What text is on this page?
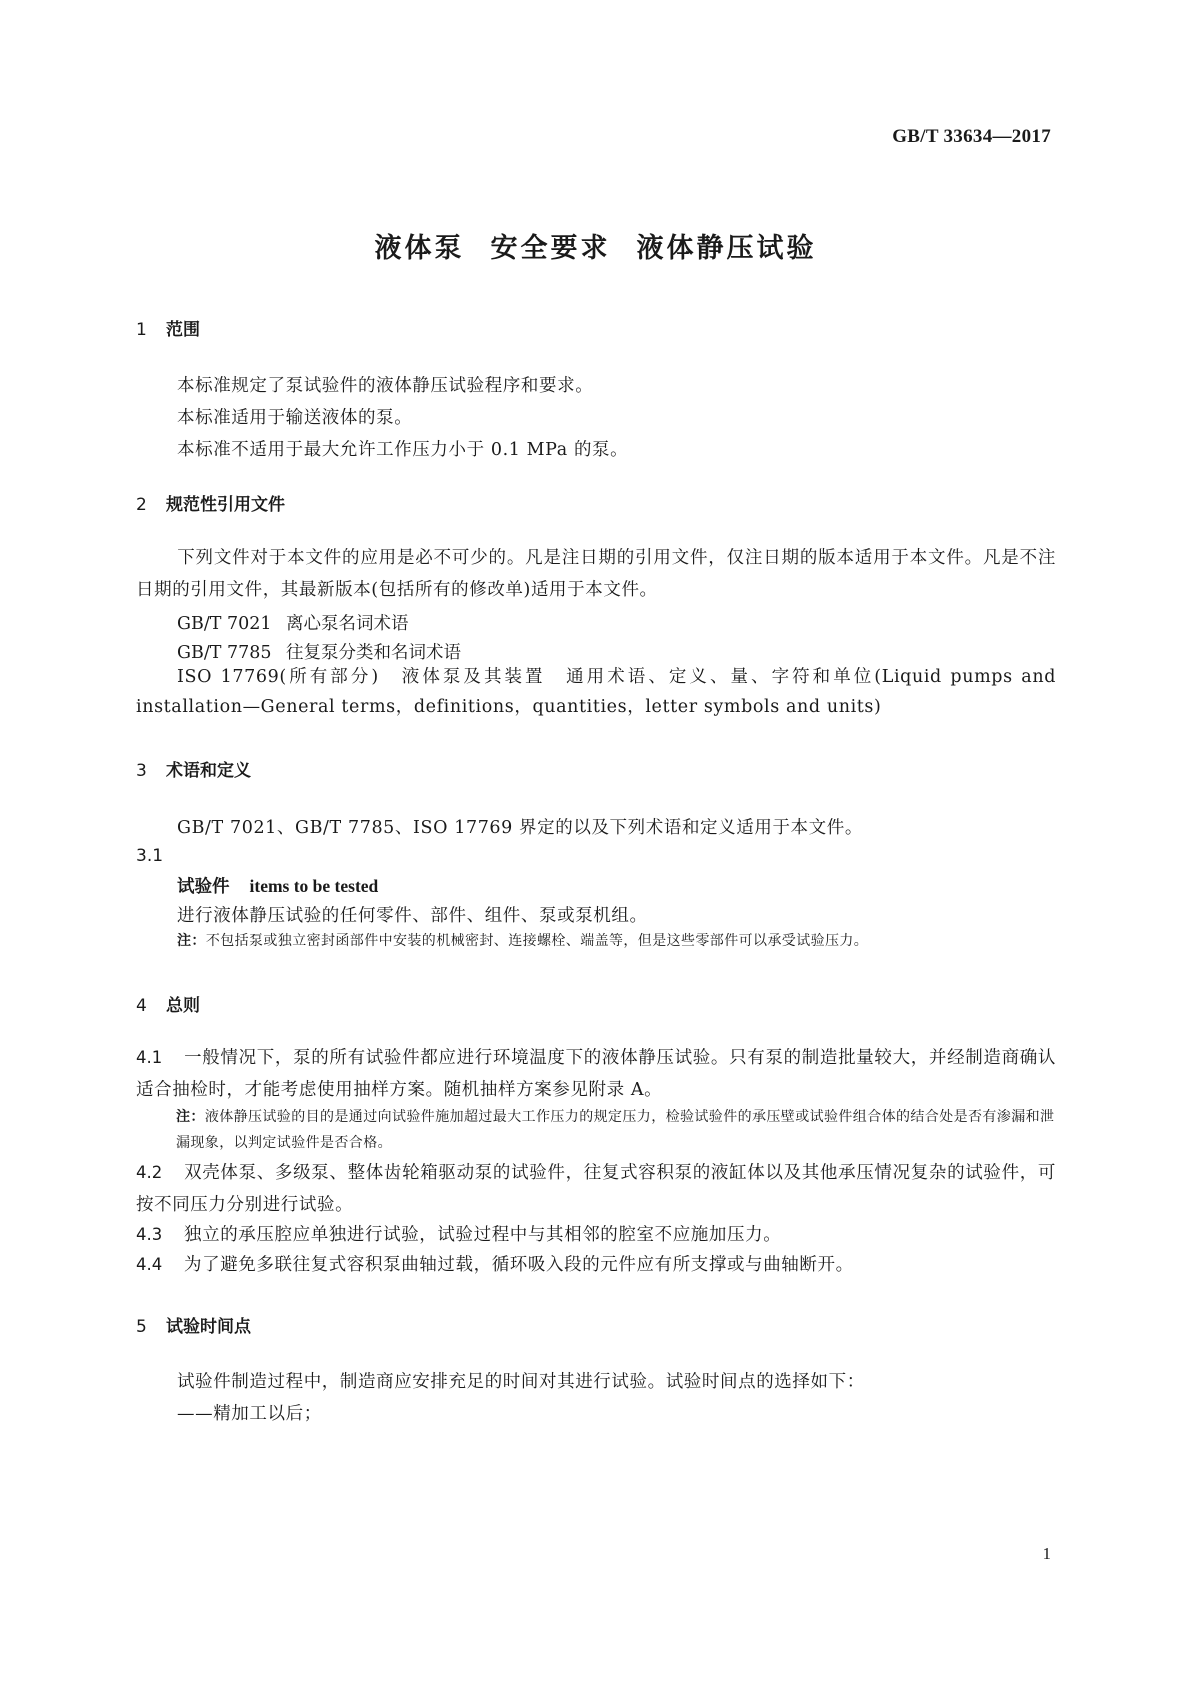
GB/T 33634—2017
液体泵 安全要求 液体静压试验
1 范围
本标准规定了泵试验件的液体静压试验程序和要求。
本标准适用于输送液体的泵。
本标准不适用于最大允许工作压力小于 0.1 MPa 的泵。
2 规范性引用文件
下列文件对于本文件的应用是必不可少的。凡是注日期的引用文件，仅注日期的版本适用于本文件。凡是不注日期的引用文件，其最新版本(包括所有的修改单)适用于本文件。
GB/T 7021 离心泵名词术语
GB/T 7785 往复泵分类和名词术语
ISO 17769(所有部分)　液体泵及其装置　通用术语、定义、量、字符和单位(Liquid pumps and installation—General terms，definitions，quantities，letter symbols and units)
3 术语和定义
GB/T 7021、GB/T 7785、ISO 17769 界定的以及下列术语和定义适用于本文件。
3.1
试验件 items to be tested
进行液体静压试验的任何零件、部件、组件、泵或泵机组。
注：不包括泵或独立密封函部件中安装的机械密封、连接螺栓、端盖等，但是这些零部件可以承受试验压力。
4 总则
4.1 一般情况下，泵的所有试验件都应进行环境温度下的液体静压试验。只有泵的制造批量较大，并经制造商确认适合抽检时，才能考虑使用抽样方案。随机抽样方案参见附录 A。
注：液体静压试验的目的是通过向试验件施加超过最大工作压力的规定压力，检验试验件的承压壁或试验件组合体的结合处是否有渗漏和泄漏现象，以判定试验件是否合格。
4.2 双壳体泵、多级泵、整体齿轮箱驱动泵的试验件，往复式容积泵的液缸体以及其他承压情况复杂的试验件，可按不同压力分别进行试验。
4.3 独立的承压腔应单独进行试验，试验过程中与其相邻的腔室不应施加压力。
4.4 为了避免多联往复式容积泵曲轴过载，循环吸入段的元件应有所支撑或与曲轴断开。
5 试验时间点
试验件制造过程中，制造商应安排充足的时间对其进行试验。试验时间点的选择如下：
——精加工以后；
1
